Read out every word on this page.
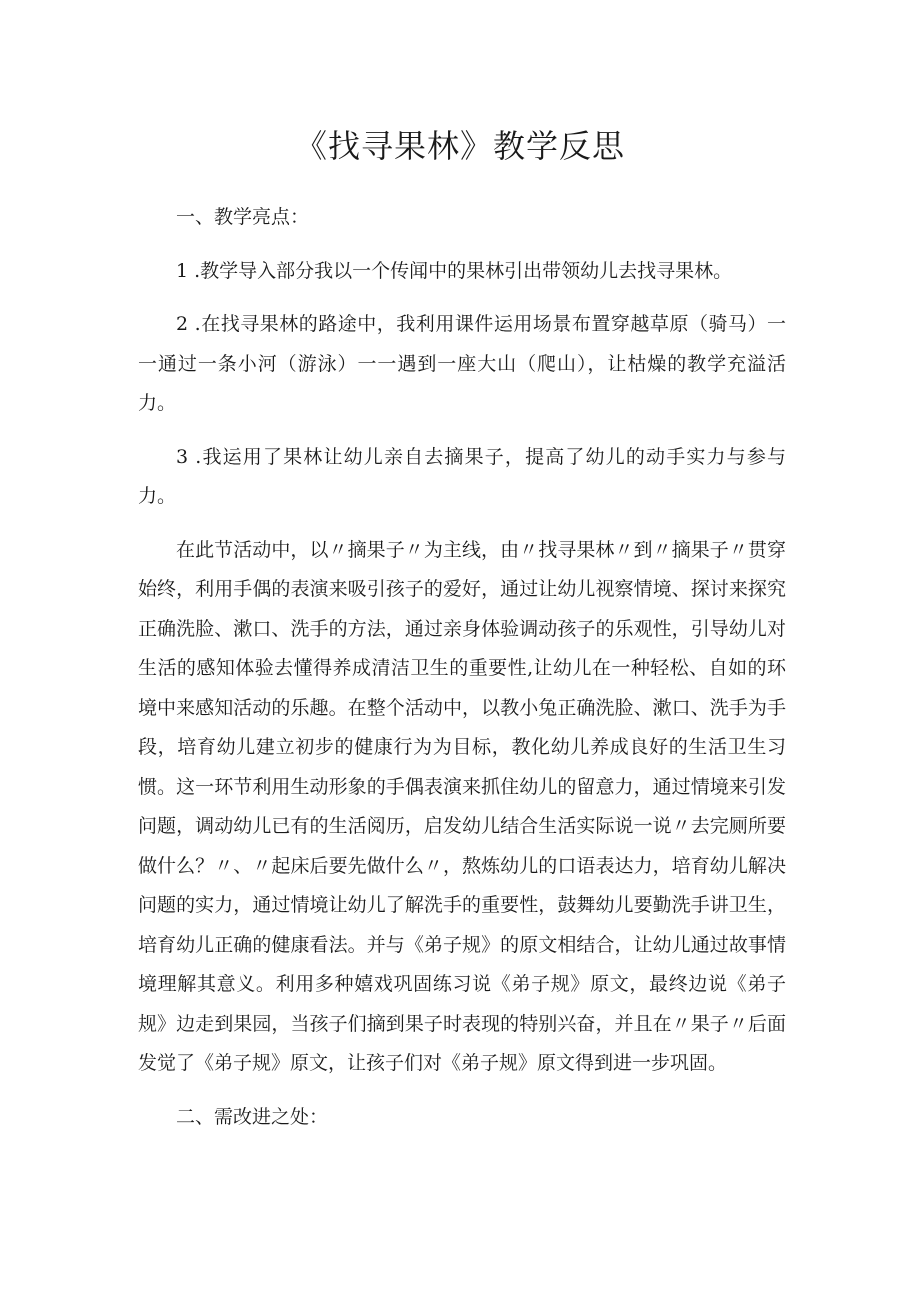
《找寻果林》教学反思

一、教学亮点：

1 .教学导入部分我以一个传闻中的果林引出带领幼儿去找寻果林。

2 .在找寻果林的路途中，我利用课件运用场景布置穿越草原（骑马）一一通过一条小河（游泳）一一遇到一座大山（爬山），让枯燥的教学充溢活力。

3 .我运用了果林让幼儿亲自去摘果子，提高了幼儿的动手实力与参与力。

在此节活动中，以〃摘果子〃为主线，由〃找寻果林〃到〃摘果子〃贯穿始终，利用手偶的表演来吸引孩子的爱好，通过让幼儿视察情境、探讨来探究正确洗脸、漱口、洗手的方法，通过亲身体验调动孩子的乐观性，引导幼儿对生活的感知体验去懂得养成清洁卫生的重要性,让幼儿在一种轻松、自如的环境中来感知活动的乐趣。在整个活动中，以教小兔正确洗脸、漱口、洗手为手段，培育幼儿建立初步的健康行为为目标，教化幼儿养成良好的生活卫生习惯。这一环节利用生动形象的手偶表演来抓住幼儿的留意力，通过情境来引发问题，调动幼儿已有的生活阅历，启发幼儿结合生活实际说一说〃去完厕所要做什么？〃、〃起床后要先做什么〃，熬炼幼儿的口语表达力，培育幼儿解决问题的实力，通过情境让幼儿了解洗手的重要性，鼓舞幼儿要勤洗手讲卫生，培育幼儿正确的健康看法。并与《弟子规》的原文相结合，让幼儿通过故事情境理解其意义。利用多种嬉戏巩固练习说《弟子规》原文，最终边说《弟子规》边走到果园，当孩子们摘到果子时表现的特别兴奋，并且在〃果子〃后面发觉了《弟子规》原文，让孩子们对《弟子规》原文得到进一步巩固。

二、需改进之处：
